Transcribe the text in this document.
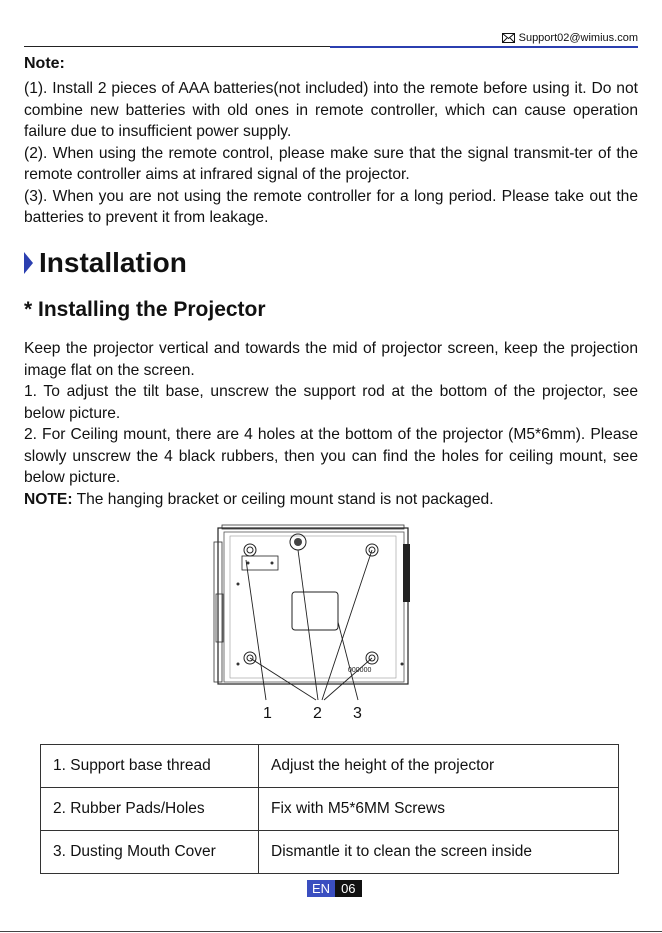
Support02@wimius.com
Note:
(1). Install 2 pieces of AAA batteries(not included) into the remote before using it. Do not combine new batteries with old ones in remote controller, which can cause operation failure due to insufficient power supply.
(2). When using the remote control, please make sure that the signal transmit-ter of the remote controller aims at infrared signal of the projector.
(3). When you are not using the remote controller for a long period. Please take out the batteries to prevent it from leakage.
Installation
* Installing the Projector
Keep the projector vertical and towards the mid of projector screen, keep the projection image flat on the screen.
1. To adjust the tilt base, unscrew the support rod at the bottom of the projector, see below picture.
2. For Ceiling mount, there are 4 holes at the bottom of the projector (M5*6mm). Please slowly unscrew the 4 black rubbers, then you can find the holes for ceiling mount, see below picture.
NOTE: The hanging bracket or ceiling mount stand is not packaged.
000000
1	2 3
1. Support base thread	Adjust the height of the projector
2. Rubber Pads/Holes	Fix with M5*6MM Screws
3. Dusting Mouth Cover	Dismantle it to clean the screen inside
EN 06
